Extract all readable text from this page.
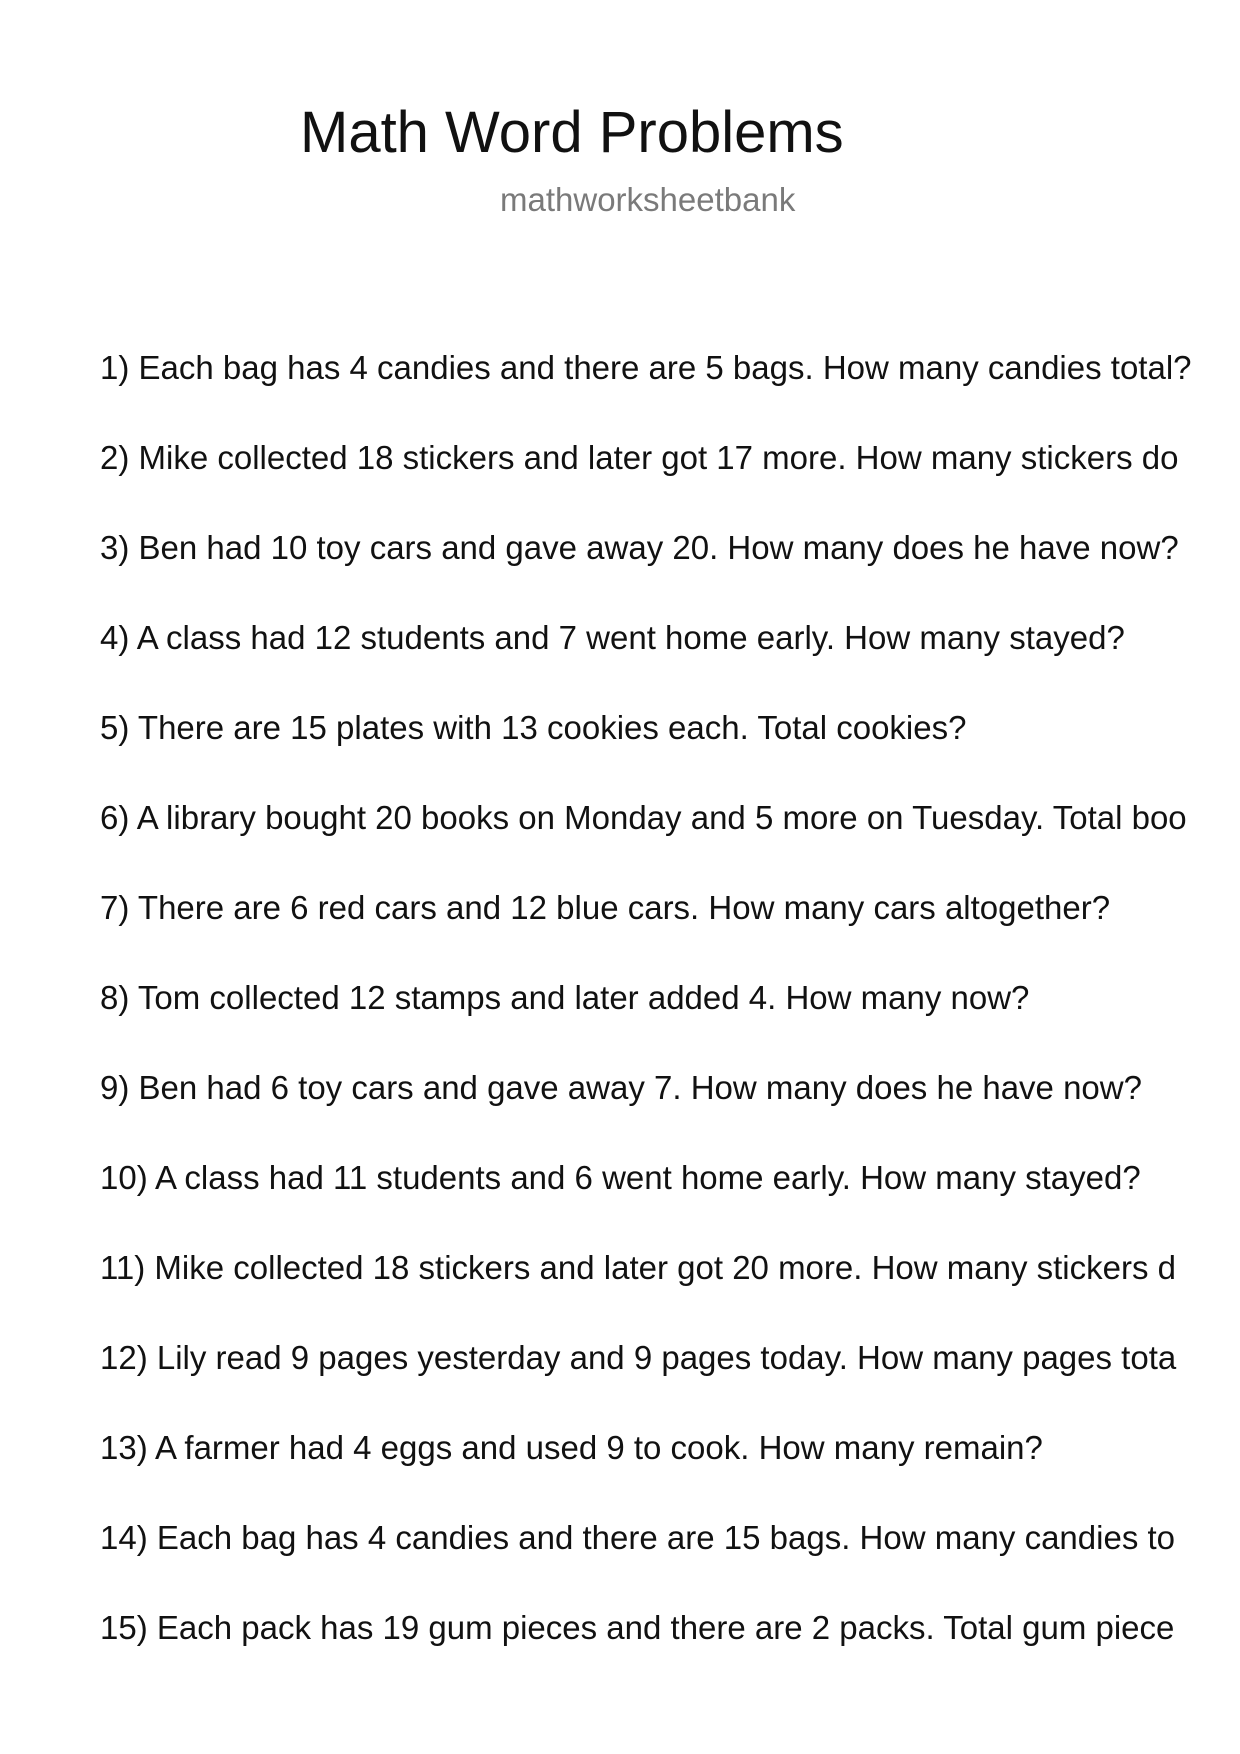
Math Word Problems
mathworksheetbank
1) Each bag has 4 candies and there are 5 bags. How many candies total?
2) Mike collected 18 stickers and later got 17 more. How many stickers do
3) Ben had 10 toy cars and gave away 20. How many does he have now?
4) A class had 12 students and 7 went home early. How many stayed?
5) There are 15 plates with 13 cookies each. Total cookies?
6) A library bought 20 books on Monday and 5 more on Tuesday. Total boo
7) There are 6 red cars and 12 blue cars. How many cars altogether?
8) Tom collected 12 stamps and later added 4. How many now?
9) Ben had 6 toy cars and gave away 7. How many does he have now?
10) A class had 11 students and 6 went home early. How many stayed?
11) Mike collected 18 stickers and later got 20 more. How many stickers d
12) Lily read 9 pages yesterday and 9 pages today. How many pages tota
13) A farmer had 4 eggs and used 9 to cook. How many remain?
14) Each bag has 4 candies and there are 15 bags. How many candies to
15) Each pack has 19 gum pieces and there are 2 packs. Total gum piece
